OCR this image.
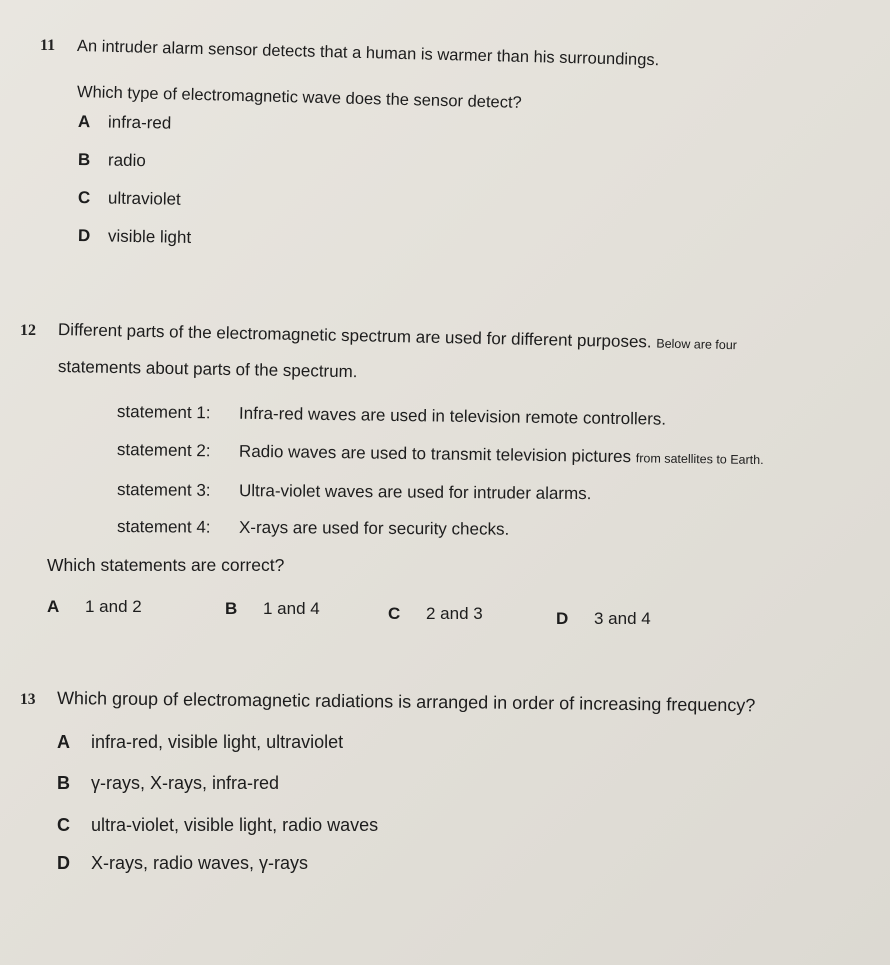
11 An intruder alarm sensor detects that a human is warmer than his surroundings.
Which type of electromagnetic wave does the sensor detect?
A infra-red
B radio
C ultraviolet
D visible light
12 Different parts of the electromagnetic spectrum are used for different purposes. Below are four
statements about parts of the spectrum.
statement 1: Infra-red waves are used in television remote controllers.
statement 2: Radio waves are used to transmit television pictures from satellites to Earth.
statement 3: Ultra-violet waves are used for intruder alarms.
statement 4: X-rays are used for security checks.
Which statements are correct?
A 1 and 2	B 1 and 4	C 2 and 3	D 3 and 4
13 Which group of electromagnetic radiations is arranged in order of increasing frequency?
A infra-red, visible light, ultraviolet
B γ-rays, X-rays, infra-red
C ultra-violet, visible light, radio waves
D X-rays, radio waves, γ-rays
